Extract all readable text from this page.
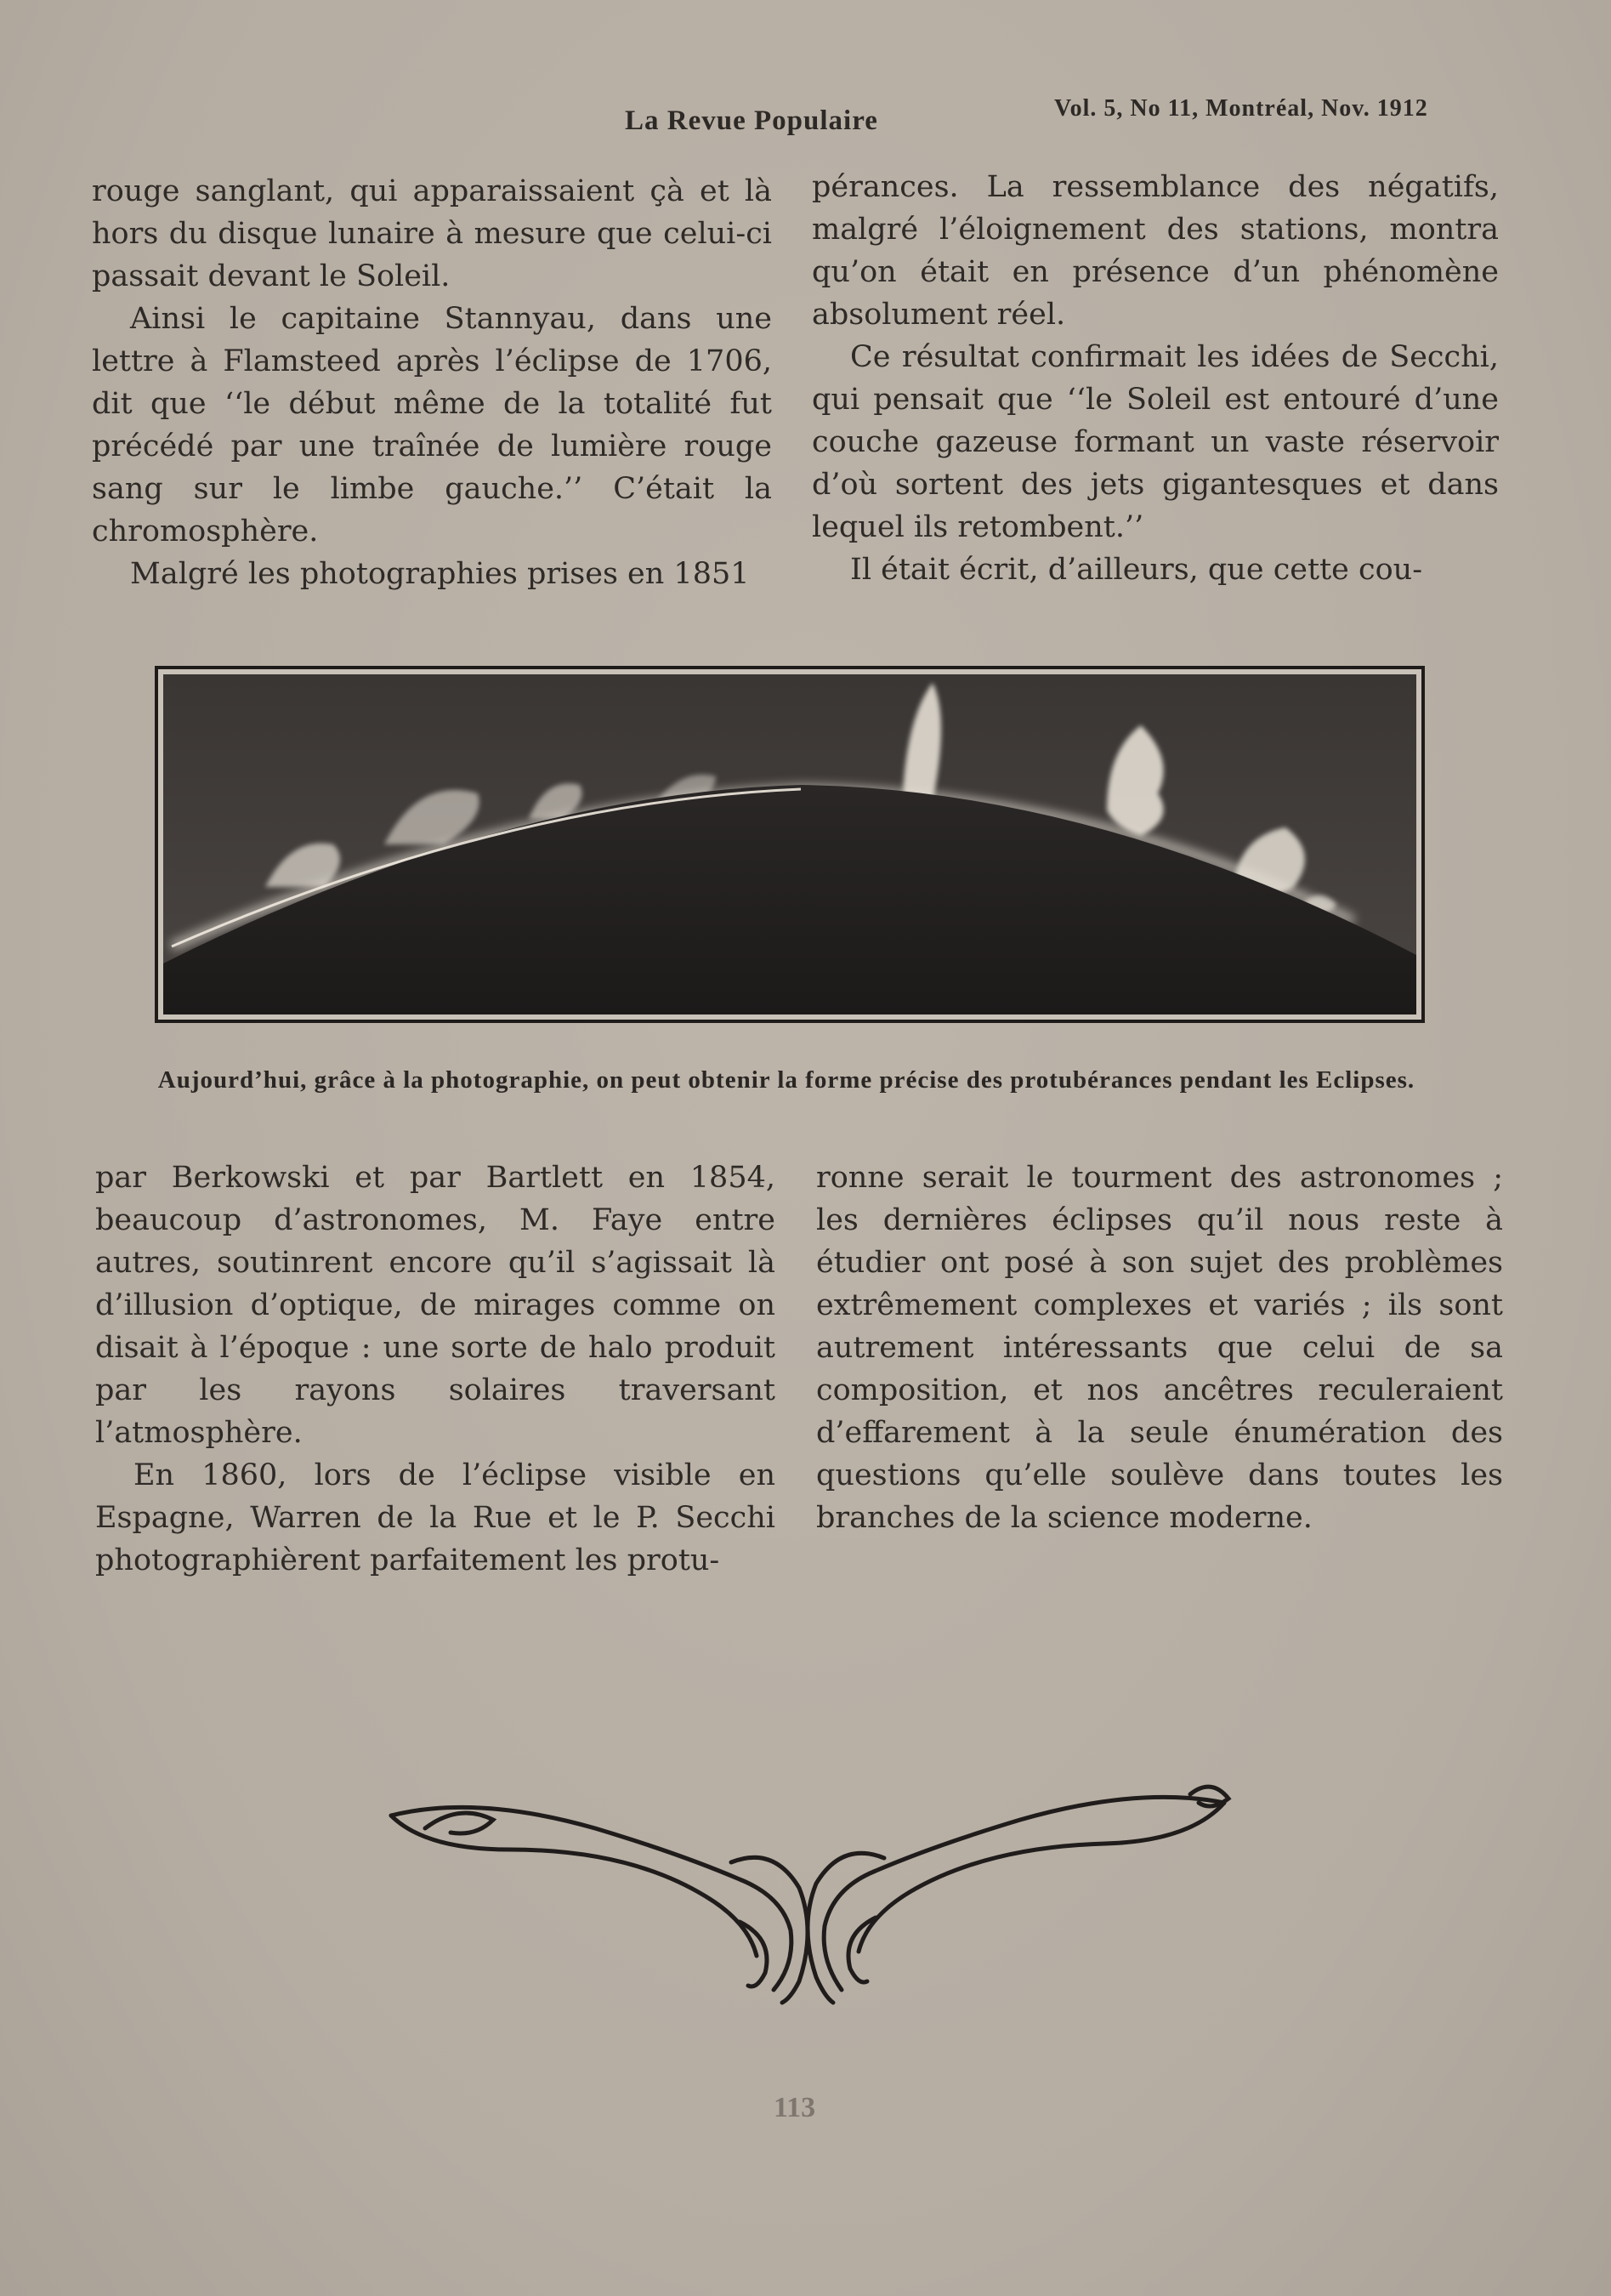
La Revue Populaire	Vol. 5, No 11, Montréal, Nov. 1912

rouge sanglant, qui apparaissaient çà et là hors du disque lunaire à mesure que celui-ci passait devant le Soleil.

Ainsi le capitaine Stannyau, dans une lettre à Flamsteed après l’éclipse de 1706, dit que ‘‘le début même de la totalité fut précédé par une traînée de lumière rouge sang sur le limbe gauche.’’ C’était la chromosphère.

Malgré les photographies prises en 1851

pérances. La ressemblance des négatifs, malgré l’éloignement des stations, montra qu’on était en présence d’un phénomène absolument réel.

Ce résultat confirmait les idées de Secchi, qui pensait que ‘‘le Soleil est entouré d’une couche gazeuse formant un vaste réservoir d’où sortent des jets gigantesques et dans lequel ils retombent.’’

Il était écrit, d’ailleurs, que cette cou-

Aujourd’hui, grâce à la photographie, on peut obtenir la forme précise des protubérances pendant les Eclipses.

par Berkowski et par Bartlett en 1854, beaucoup d’astronomes, M. Faye entre autres, soutinrent encore qu’il s’agissait là d’illusion d’optique, de mirages comme on disait à l’époque : une sorte de halo produit par les rayons solaires traversant l’atmosphère.

En 1860, lors de l’éclipse visible en Espagne, Warren de la Rue et le P. Secchi photographièrent parfaitement les protu-

ronne serait le tourment des astronomes ; les dernières éclipses qu’il nous reste à étudier ont posé à son sujet des problèmes extrêmement complexes et variés ; ils sont autrement intéressants que celui de sa composition, et nos ancêtres reculeraient d’effarement à la seule énumération des questions qu’elle soulève dans toutes les branches de la science moderne.

113
